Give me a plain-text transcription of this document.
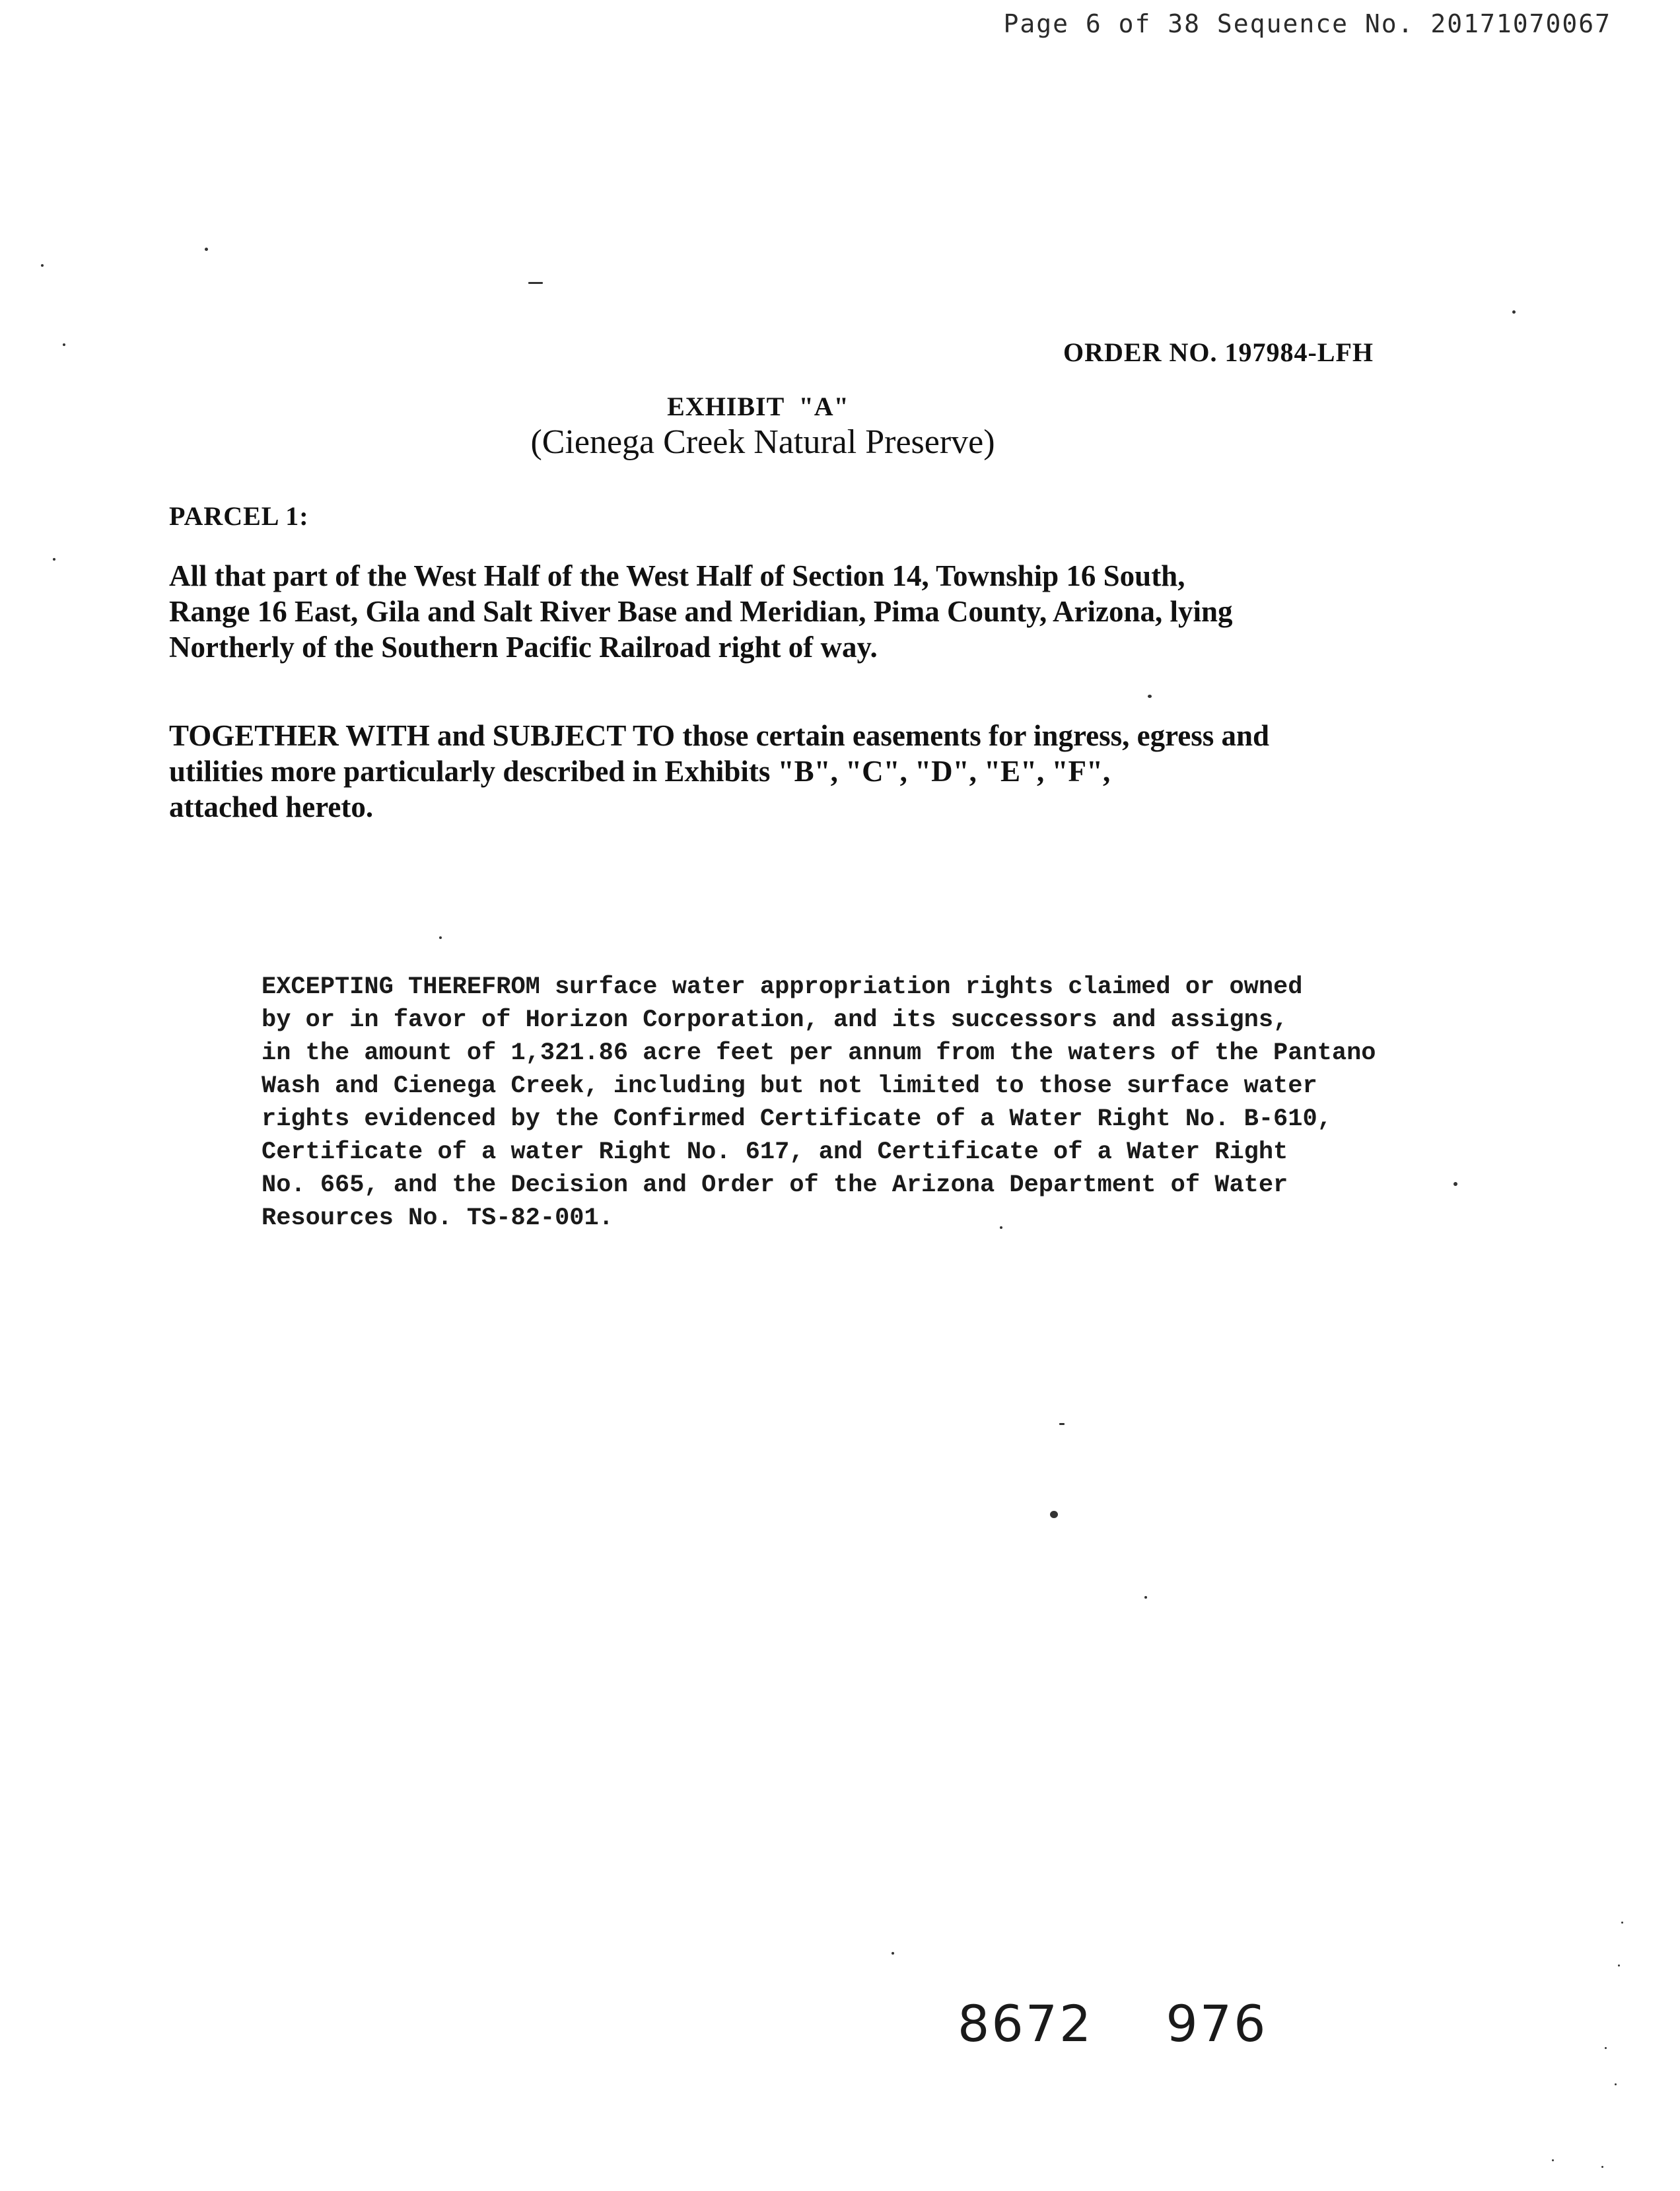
Page 6 of 38 Sequence No. 20171070067
ORDER NO. 197984-LFH
EXHIBIT  "A"
(Cienega Creek Natural Preserve)
PARCEL 1:

All that part of the West Half of the West Half of Section 14, Township 16 South,
Range 16 East, Gila and Salt River Base and Meridian, Pima County, Arizona, lying
Northerly of the Southern Pacific Railroad right of way.

TOGETHER WITH and SUBJECT TO those certain easements for ingress, egress and
utilities more particularly described in Exhibits "B", "C", "D", "E", "F",
attached hereto.

EXCEPTING THEREFROM surface water appropriation rights claimed or owned
by or in favor of Horizon Corporation, and its successors and assigns,
in the amount of 1,321.86 acre feet per annum from the waters of the Pantano
Wash and Cienega Creek, including but not limited to those surface water
rights evidenced by the Confirmed Certificate of a Water Right No. B-610,
Certificate of a water Right No. 617, and Certificate of a Water Right
No. 665, and the Decision and Order of the Arizona Department of Water
Resources No. TS-82-001.

8672 976
